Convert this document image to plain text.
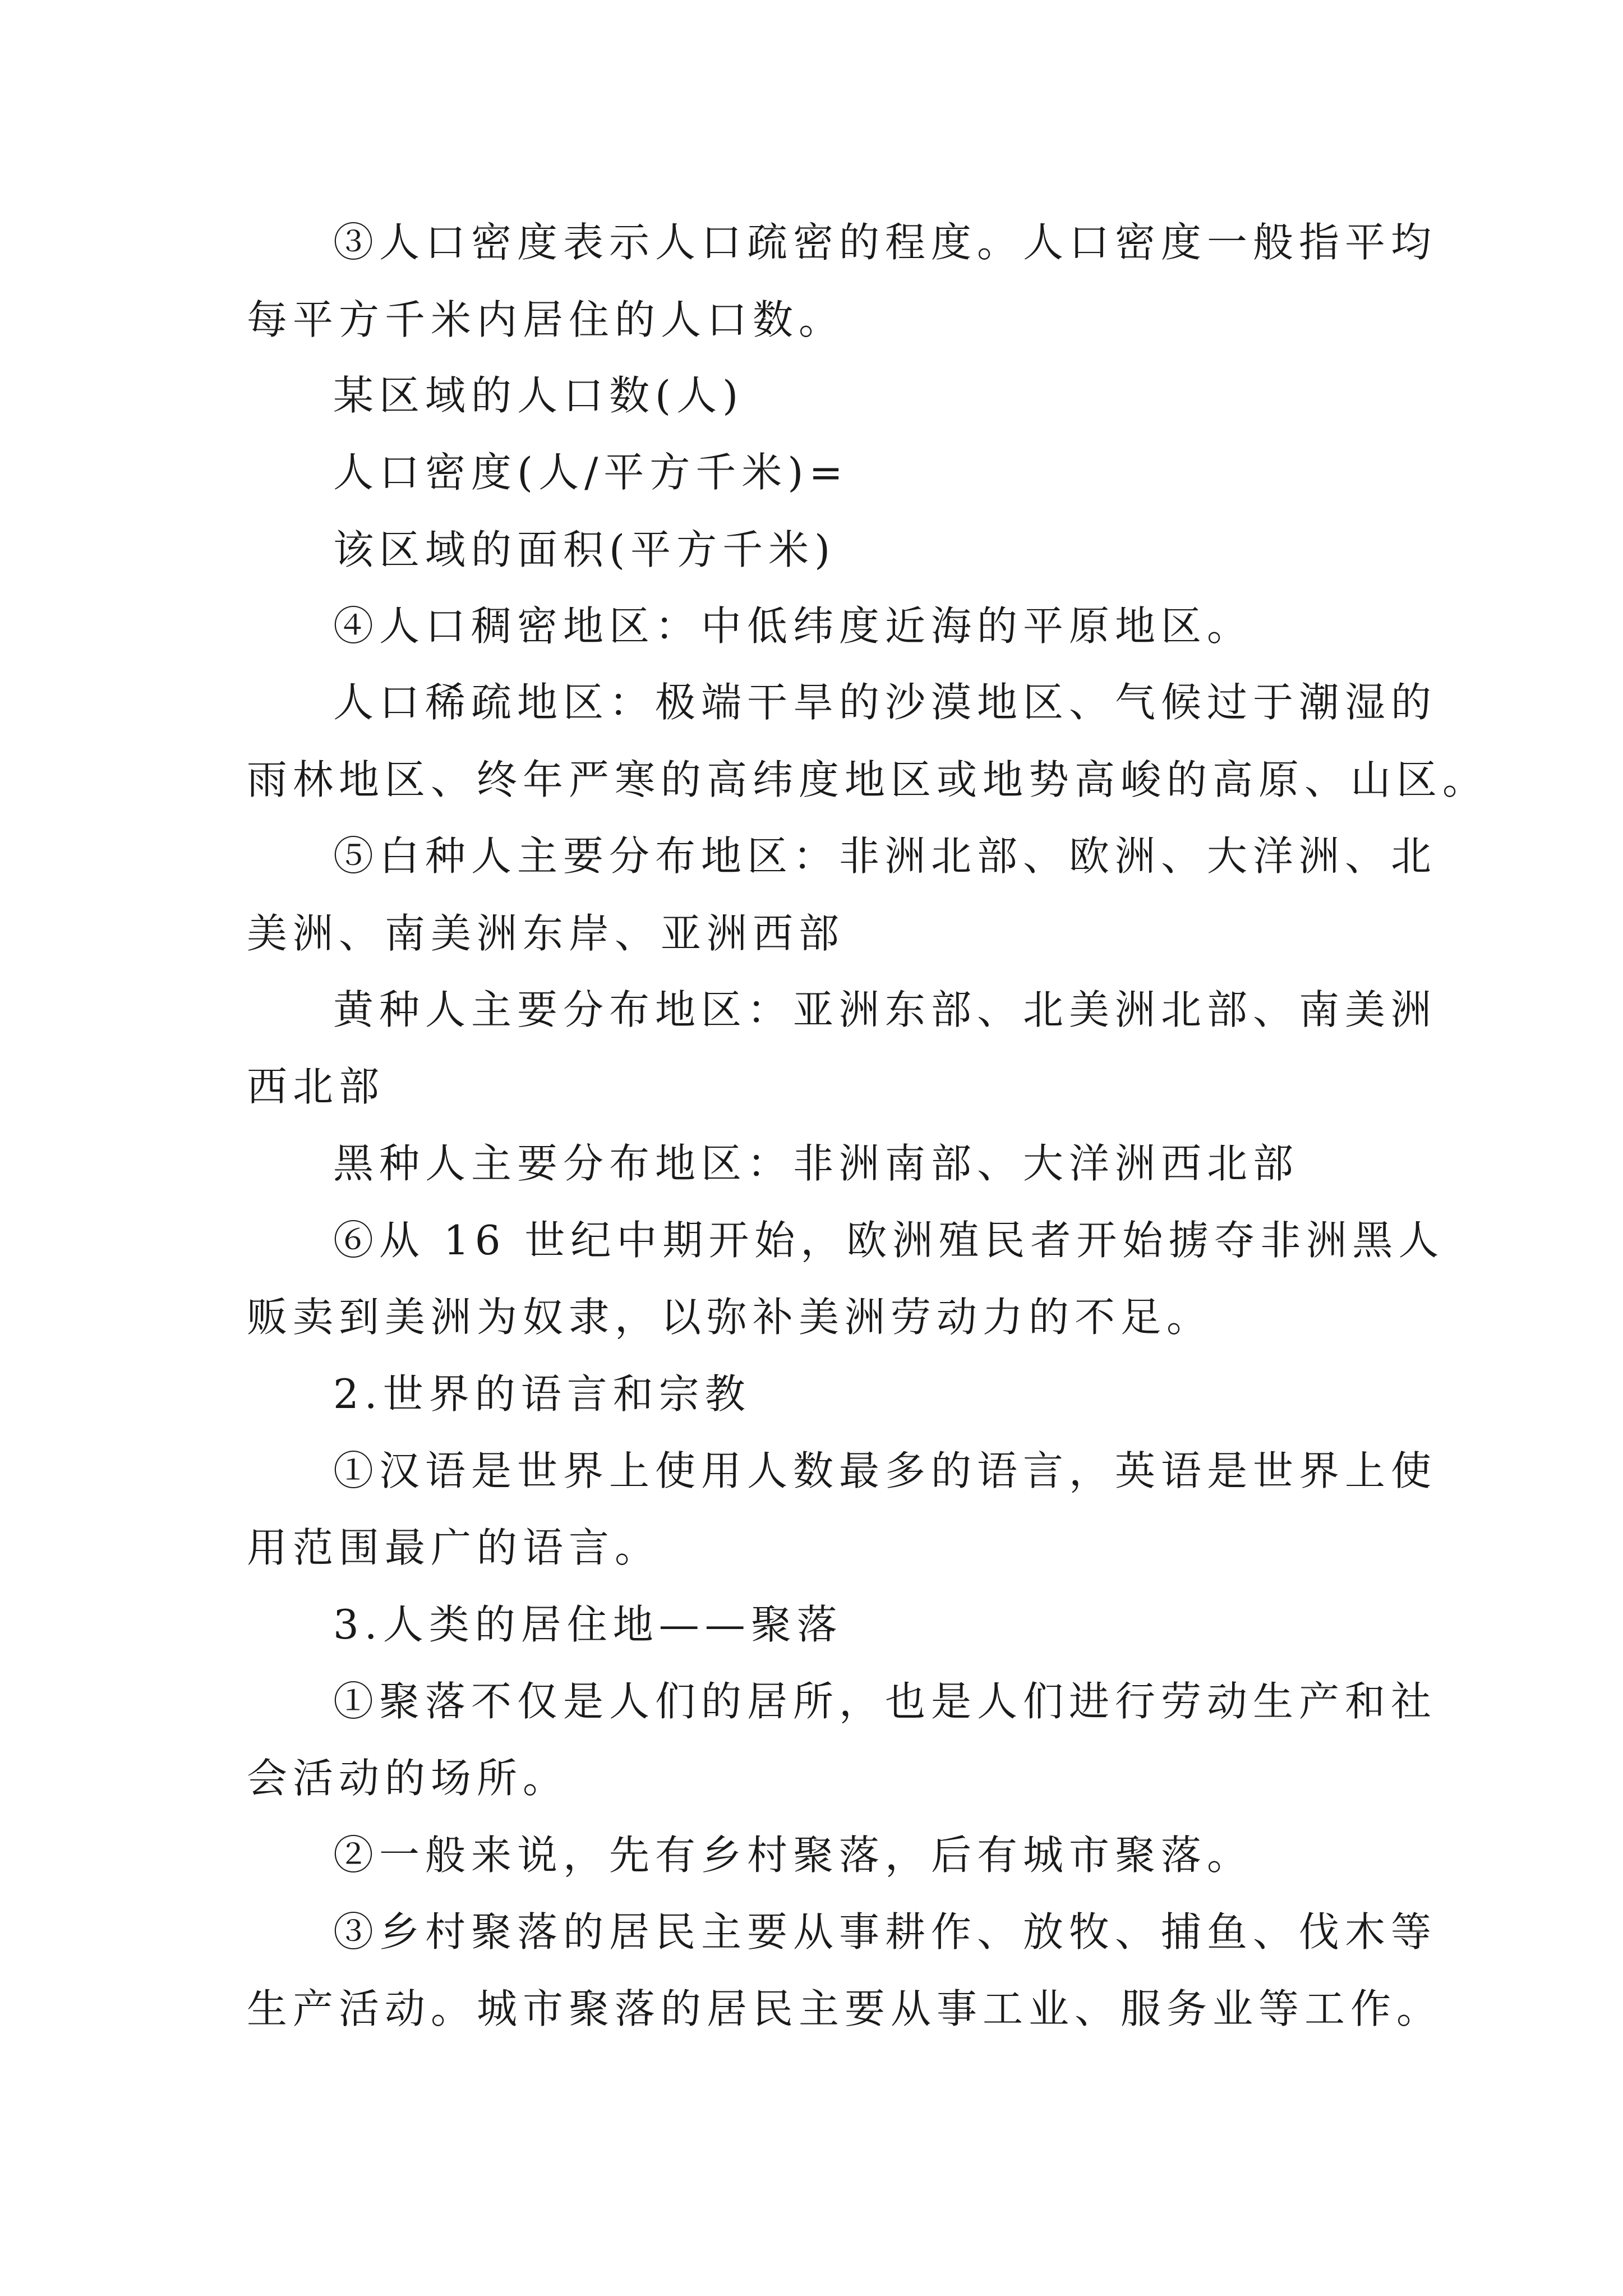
③人口密度表示人口疏密的程度。人口密度一般指平均
每平方千米内居住的人口数。
某区域的人口数(人)
人口密度(人/平方千米)=
该区域的面积(平方千米)
④人口稠密地区：中低纬度近海的平原地区。
人口稀疏地区：极端干旱的沙漠地区、气候过于潮湿的
雨林地区、终年严寒的高纬度地区或地势高峻的高原、山区。
⑤白种人主要分布地区：非洲北部、欧洲、大洋洲、北
美洲、南美洲东岸、亚洲西部
黄种人主要分布地区：亚洲东部、北美洲北部、南美洲
西北部
黑种人主要分布地区：非洲南部、大洋洲西北部
⑥从 16 世纪中期开始，欧洲殖民者开始掳夺非洲黑人
贩卖到美洲为奴隶，以弥补美洲劳动力的不足。
2.世界的语言和宗教
①汉语是世界上使用人数最多的语言，英语是世界上使
用范围最广的语言。
3.人类的居住地——聚落
①聚落不仅是人们的居所，也是人们进行劳动生产和社
会活动的场所。
②一般来说，先有乡村聚落，后有城市聚落。
③乡村聚落的居民主要从事耕作、放牧、捕鱼、伐木等
生产活动。城市聚落的居民主要从事工业、服务业等工作。
